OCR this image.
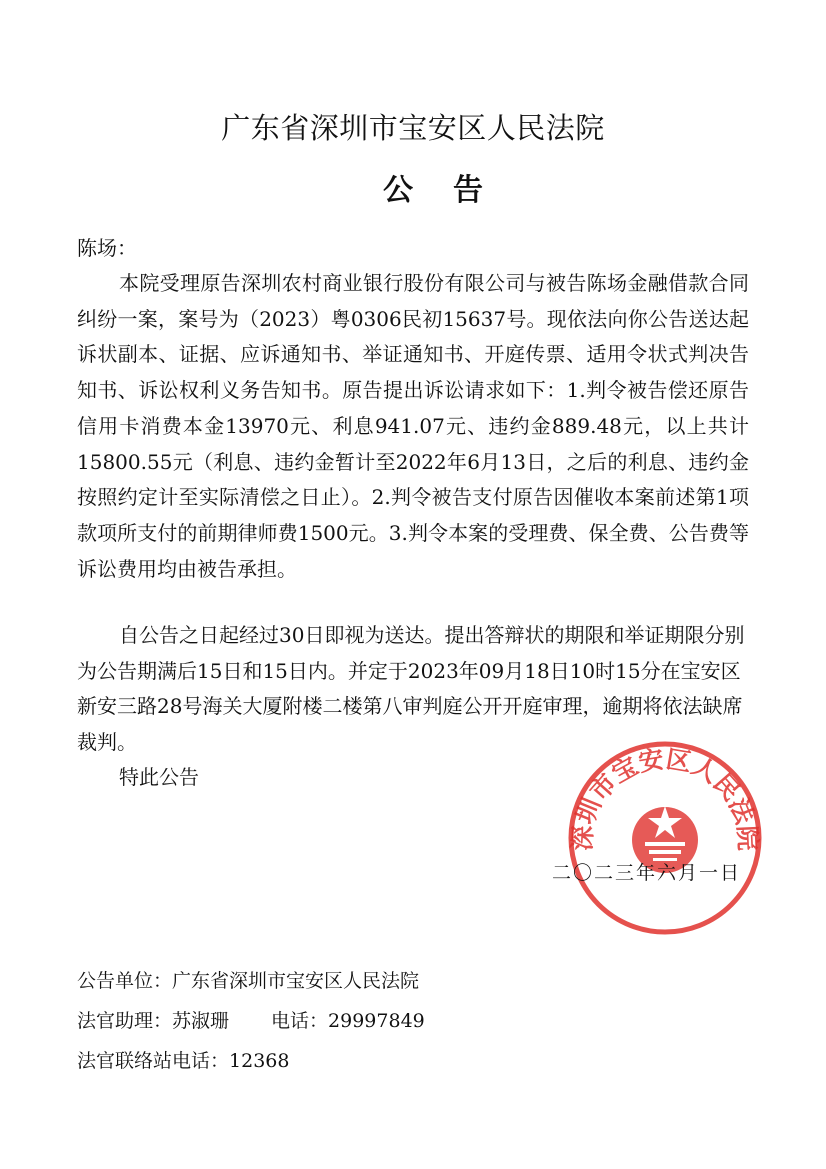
广东省深圳市宝安区人民法院
公告
陈场：
本院受理原告深圳农村商业银行股份有限公司与被告陈场金融借款合同纠纷一案，案号为（2023）粤0306民初15637号。现依法向你公告送达起诉状副本、证据、应诉通知书、举证通知书、开庭传票、适用令状式判决告知书、诉讼权利义务告知书。原告提出诉讼请求如下：1.判令被告偿还原告信用卡消费本金13970元、利息941.07元、违约金889.48元，以上共计15800.55元（利息、违约金暂计至2022年6月13日，之后的利息、违约金按照约定计至实际清偿之日止）。2.判令被告支付原告因催收本案前述第1项款项所支付的前期律师费1500元。3.判令本案的受理费、保全费、公告费等诉讼费用均由被告承担。
自公告之日起经过30日即视为送达。提出答辩状的期限和举证期限分别为公告期满后15日和15日内。并定于2023年09月18日10时15分在宝安区新安三路28号海关大厦附楼二楼第八审判庭公开开庭审理，逾期将依法缺席裁判。
特此公告
深圳市宝安区人民法院
二〇二三年六月一日
公告单位：广东省深圳市宝安区人民法院
法官助理：苏淑珊 电话：29997849
法官联络站电话：12368
